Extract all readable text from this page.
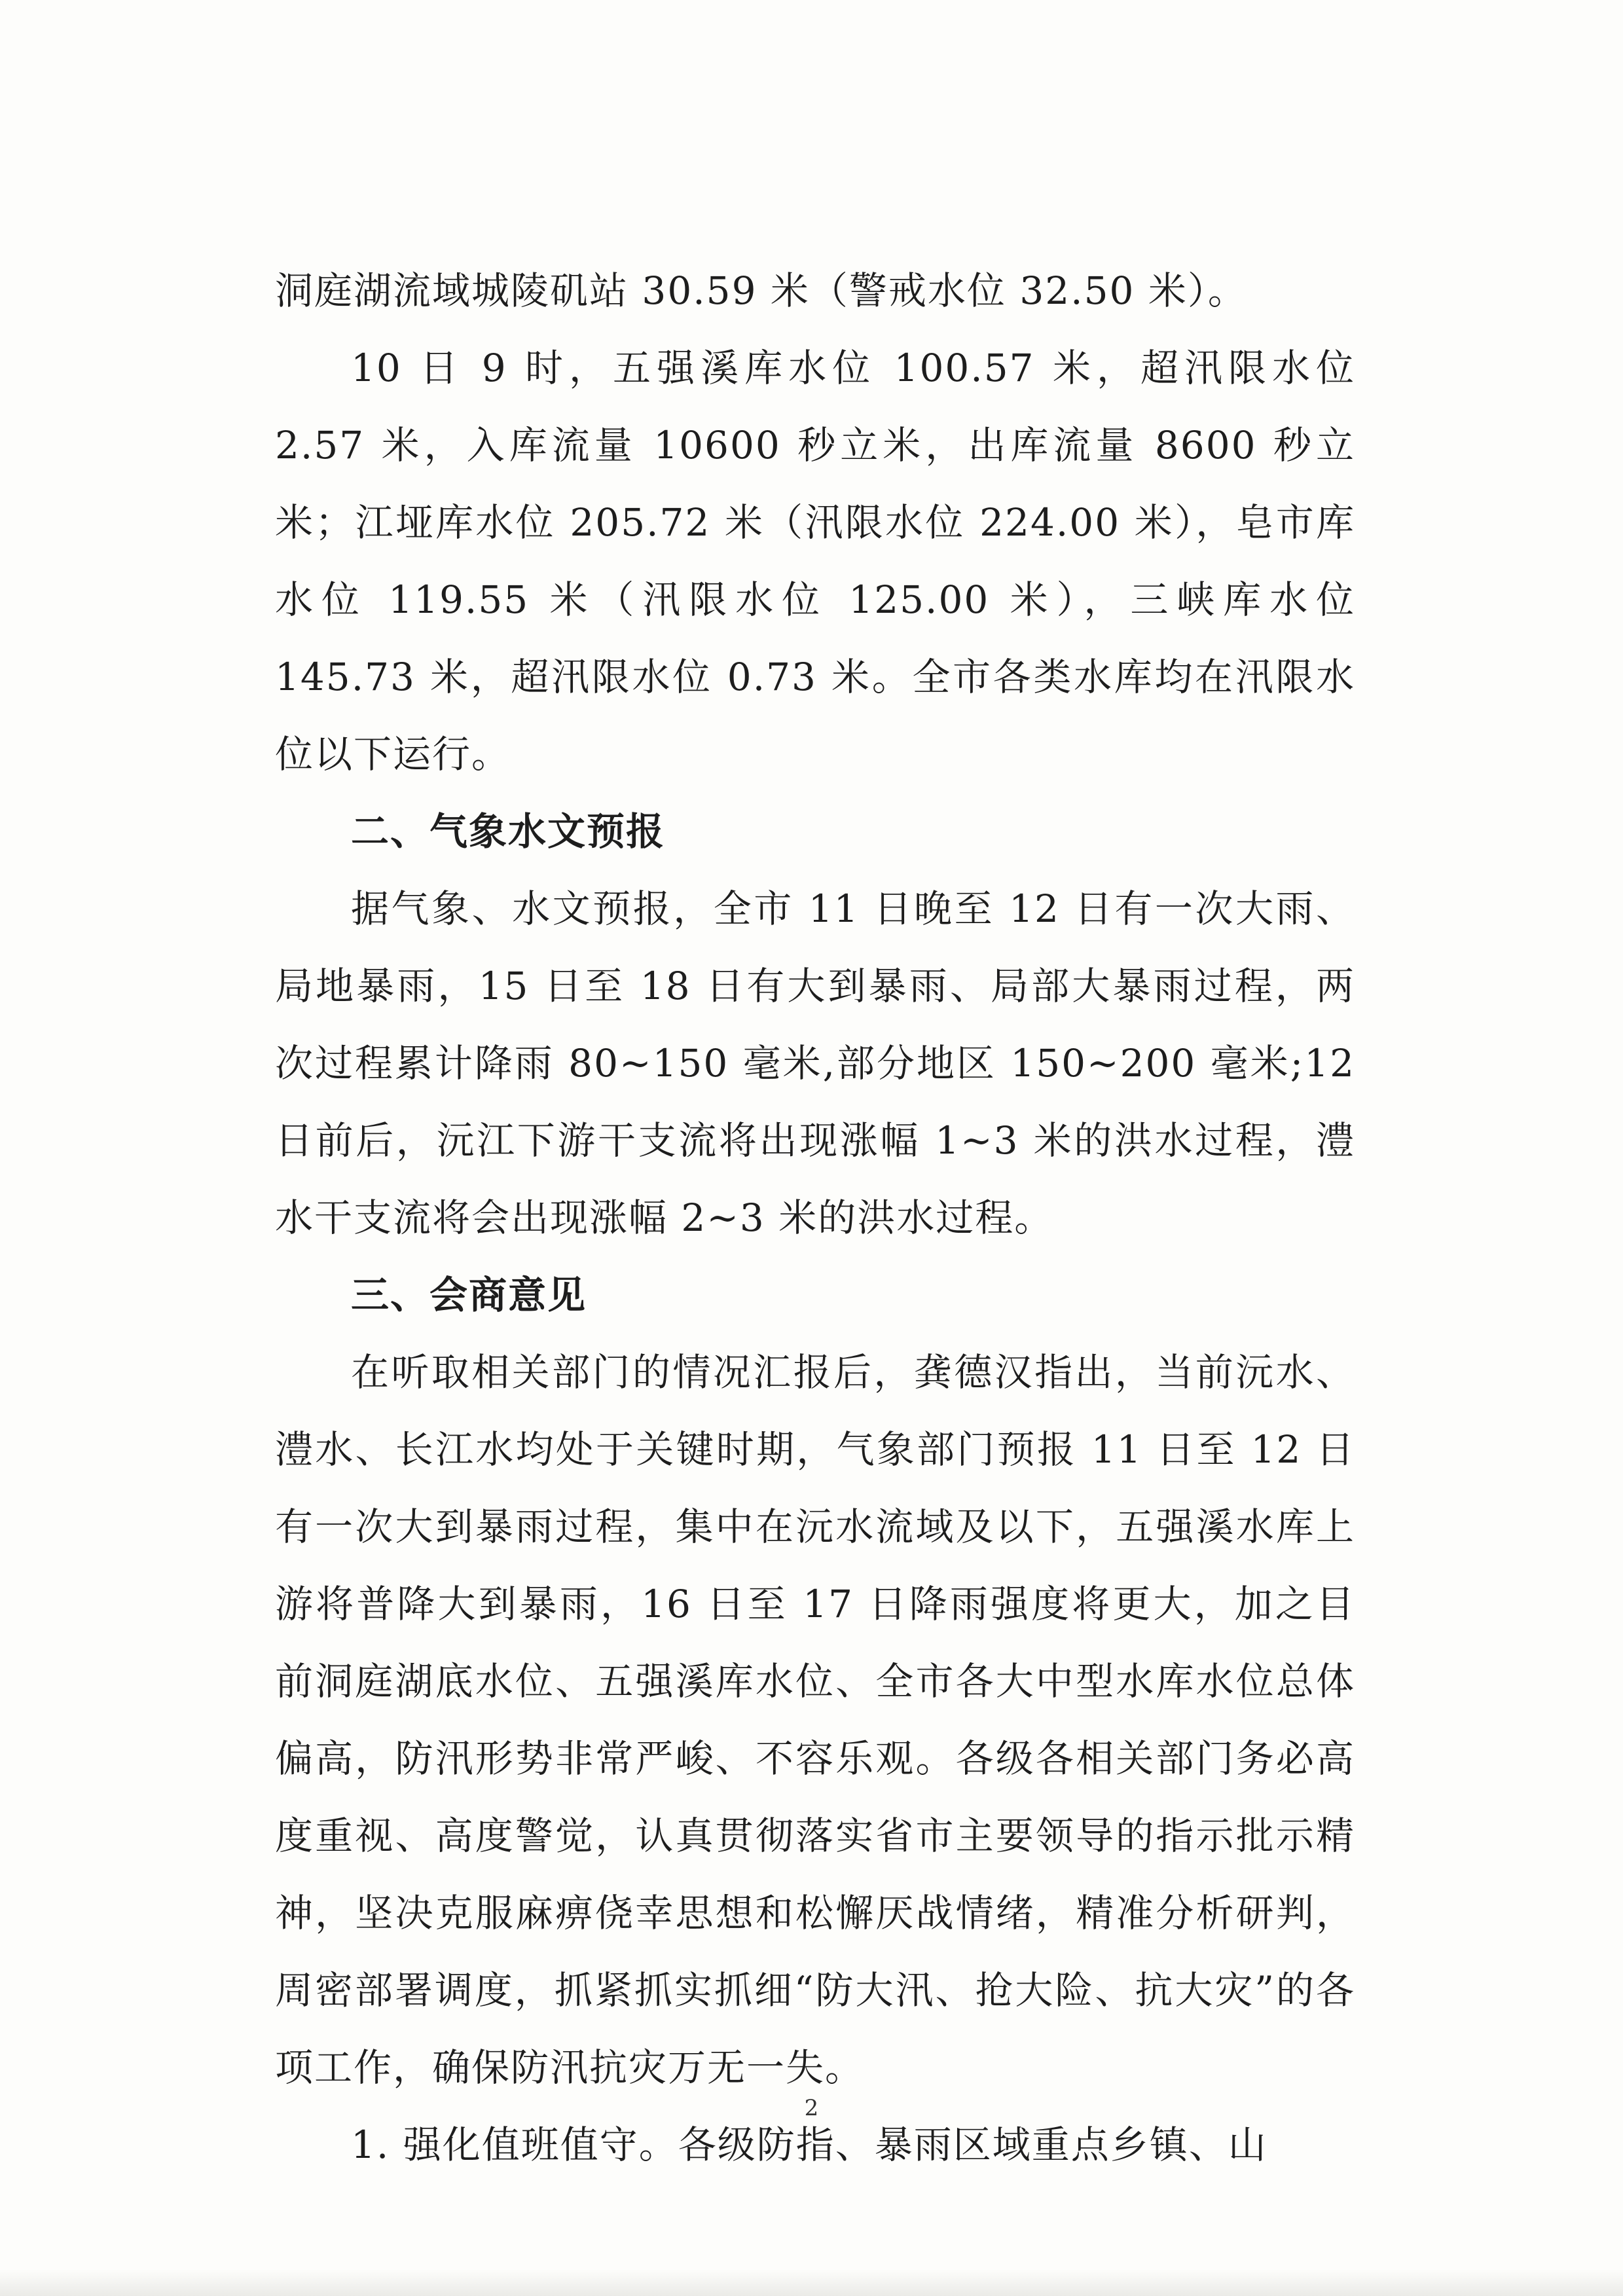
洞庭湖流域城陵矶站 30.59 米（警戒水位 32.50 米）。

10 日 9 时，五强溪库水位 100.57 米，超汛限水位 2.57 米，入库流量 10600 秒立米，出库流量 8600 秒立米；江垭库水位 205.72 米（汛限水位 224.00 米），皂市库水位 119.55 米（汛限水位 125.00 米），三峡库水位 145.73 米，超汛限水位 0.73 米。全市各类水库均在汛限水位以下运行。

二、气象水文预报

据气象、水文预报，全市 11 日晚至 12 日有一次大雨、局地暴雨，15 日至 18 日有大到暴雨、局部大暴雨过程，两次过程累计降雨 80~150 毫米,部分地区 150~200 毫米;12 日前后，沅江下游干支流将出现涨幅 1~3 米的洪水过程，澧水干支流将会出现涨幅 2~3 米的洪水过程。

三、会商意见

在听取相关部门的情况汇报后，龚德汉指出，当前沅水、澧水、长江水均处于关键时期，气象部门预报 11 日至 12 日有一次大到暴雨过程，集中在沅水流域及以下，五强溪水库上游将普降大到暴雨，16 日至 17 日降雨强度将更大，加之目前洞庭湖底水位、五强溪库水位、全市各大中型水库水位总体偏高，防汛形势非常严峻、不容乐观。各级各相关部门务必高度重视、高度警觉，认真贯彻落实省市主要领导的指示批示精神，坚决克服麻痹侥幸思想和松懈厌战情绪，精准分析研判，周密部署调度，抓紧抓实抓细“防大汛、抢大险、抗大灾”的各项工作，确保防汛抗灾万无一失。

1. 强化值班值守。各级防指、暴雨区域重点乡镇、山

2
